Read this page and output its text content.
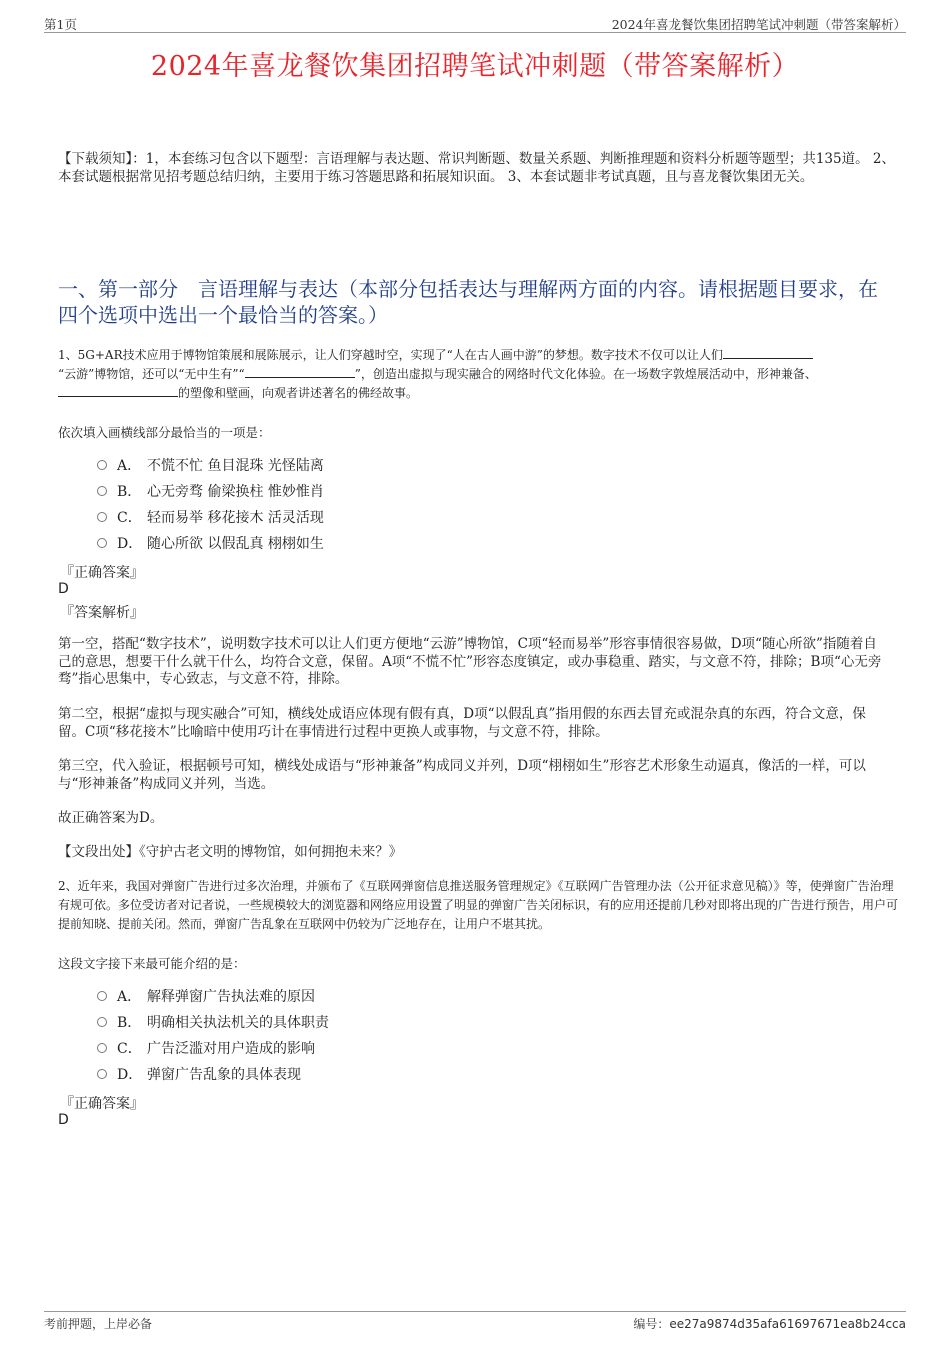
第1页	2024年喜龙餐饮集团招聘笔试冲刺题（带答案解析）
2024年喜龙餐饮集团招聘笔试冲刺题（带答案解析）
【下载须知】：1，本套练习包含以下题型：言语理解与表达题、常识判断题、数量关系题、判断推理题和资料分析题等题型；共135道。 2、本套试题根据常见招考题总结归纳，主要用于练习答题思路和拓展知识面。 3、本套试题非考试真题，且与喜龙餐饮集团无关。
一、第一部分　言语理解与表达（本部分包括表达与理解两方面的内容。请根据题目要求，在四个选项中选出一个最恰当的答案。）
1、5G+AR技术应用于博物馆策展和展陈展示，让人们穿越时空，实现了“人在古人画中游”的梦想。数字技术不仅可以让人们
“云游”博物馆，还可以“无中生有”“	”，创造出虚拟与现实融合的网络时代文化体验。在一场数字敦煌展活动中，形神兼备、
的塑像和壁画，向观者讲述著名的佛经故事。
依次填入画横线部分最恰当的一项是：
A． 不慌不忙 鱼目混珠 光怪陆离
B． 心无旁骛 偷梁换柱 惟妙惟肖
C． 轻而易举 移花接木 活灵活现
D． 随心所欲 以假乱真 栩栩如生
『正确答案』
D
『答案解析』
第一空，搭配“数字技术”，说明数字技术可以让人们更方便地“云游”博物馆，C项“轻而易举”形容事情很容易做，D项“随心所欲”指随着自己的意思，想要干什么就干什么，均符合文意，保留。A项“不慌不忙”形容态度镇定，或办事稳重、踏实，与文意不符，排除；B项“心无旁骛”指心思集中，专心致志，与文意不符，排除。
第二空，根据“虚拟与现实融合”可知，横线处成语应体现有假有真，D项“以假乱真”指用假的东西去冒充或混杂真的东西，符合文意，保留。C项“移花接木”比喻暗中使用巧计在事情进行过程中更换人或事物，与文意不符，排除。
第三空，代入验证，根据顿号可知，横线处成语与“形神兼备”构成同义并列，D项“栩栩如生”形容艺术形象生动逼真，像活的一样，可以与“形神兼备”构成同义并列，当选。
故正确答案为D。
【文段出处】《守护古老文明的博物馆，如何拥抱未来？》
2、近年来，我国对弹窗广告进行过多次治理，并颁布了《互联网弹窗信息推送服务管理规定》《互联网广告管理办法（公开征求意见稿）》等，使弹窗广告治理有规可依。多位受访者对记者说，一些规模较大的浏览器和网络应用设置了明显的弹窗广告关闭标识，有的应用还提前几秒对即将出现的广告进行预告，用户可提前知晓、提前关闭。然而，弹窗广告乱象在互联网中仍较为广泛地存在，让用户不堪其扰。
这段文字接下来最可能介绍的是：
A． 解释弹窗广告执法难的原因
B． 明确相关执法机关的具体职责
C． 广告泛滥对用户造成的影响
D． 弹窗广告乱象的具体表现
『正确答案』
D
考前押题，上岸必备	编号：ee27a9874d35afa61697671ea8b24cca
